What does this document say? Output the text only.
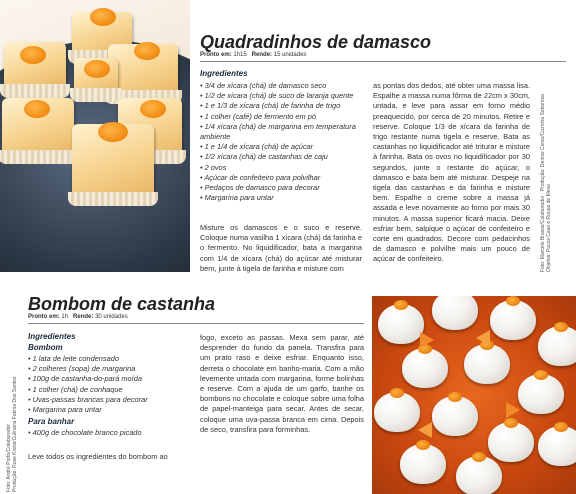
Quadradinhos de damasco
Pronto em: 1h15 Rende: 15 unidades
Ingredientes
• 3/4 de xícara (chá) de damasco seco
• 1/2 de xícara (chá) de suco de laranja quente
• 1 e 1/3 de xícara (chá) de farinha de trigo
• 1 colher (café) de fermento em pó
• 1/4 xícara (chá) de margarina em temperatura
ambiente
• 1 e 1/4 de xícara (chá) de açúcar
• 1/2 xícara (chá) de castanhas de caju
• 2 ovos
• Açúcar de confeiteiro para polvilhar
• Pedaços de damasco para decorar
• Margarina para untar
Misture os damascos e o suco e reserve. Coloque numa vasilha 1 xícara (chá) da farinha e o fermento. No liquidificador, bata a margarina com 1/4 de xícara (chá) do açúcar até misturar bem, junte à tigela de farinha e misture com
as pontas dos dedos, até obter uma massa lisa. Espalhe a massa numa fôrma de 22cm x 30cm, untada, e leve para assar em forno médio preaquecido, por cerca de 20 minutos. Retire e reserve. Coloque 1/3 de xícara da farinha de trigo restante numa tigela e reserve. Bata as castanhas no liquidificador até triturar e misture à farinha. Bata os ovos no liquidificador por 30 segundos, junte o restante do açúcar, o damasco e bata bem até misturar. Despeje na tigela das castanhas e da farinha e misture bem. Espalhe o creme sobre a massa já assada e leve novamente ao forno por mais 30 minutos. A massa superior ficará macia. Deixe esfriar bem, salpique o açúcar de confeiteiro e corte em quadrados. Decore com pedacinhos de damasco e polvilhe mais um pouco de açúcar de confeiteiro.
Foto: Marcelo Brasse/Colaborador · Produção: Denise Corso/Cozinha Saborosa
Objetos: Pucca Casa e Roupa de Mesa
Bombom de castanha
Pronto em: 1h Rende: 30 unidades
Ingredientes
Bombom
• 1 lata de leite condensado
• 2 colheres (sopa) de margarina
• 100g de castanha-do-pará moída
• 1 colher (chá) de conhaque
• Uvas-passas brancas para decorar
• Margarina para untar
Para banhar
• 400g de chocolate branco picado
Leve todos os ingredientes do bombom ao
fogo, exceto as passas. Mexa sem parar, até desprender do fundo da panela. Transfira para um prato raso e deixe esfriar. Enquanto isso, derreta o chocolate em banho-maria. Com a mão levemente untada com margarina, forme bolinhas e reserve. Com a ajuda de um garfo, banhe os bombons no chocolate e coloque sobre uma folha de papel-manteiga para secar. Antes de secar, coloque uma uva-passa branca em cima. Depois de seco, transfira para forminhas.
Foto: André Porto/Colaborador
Produção: Rose Krebs/Culinária Fatima Dos Santos
